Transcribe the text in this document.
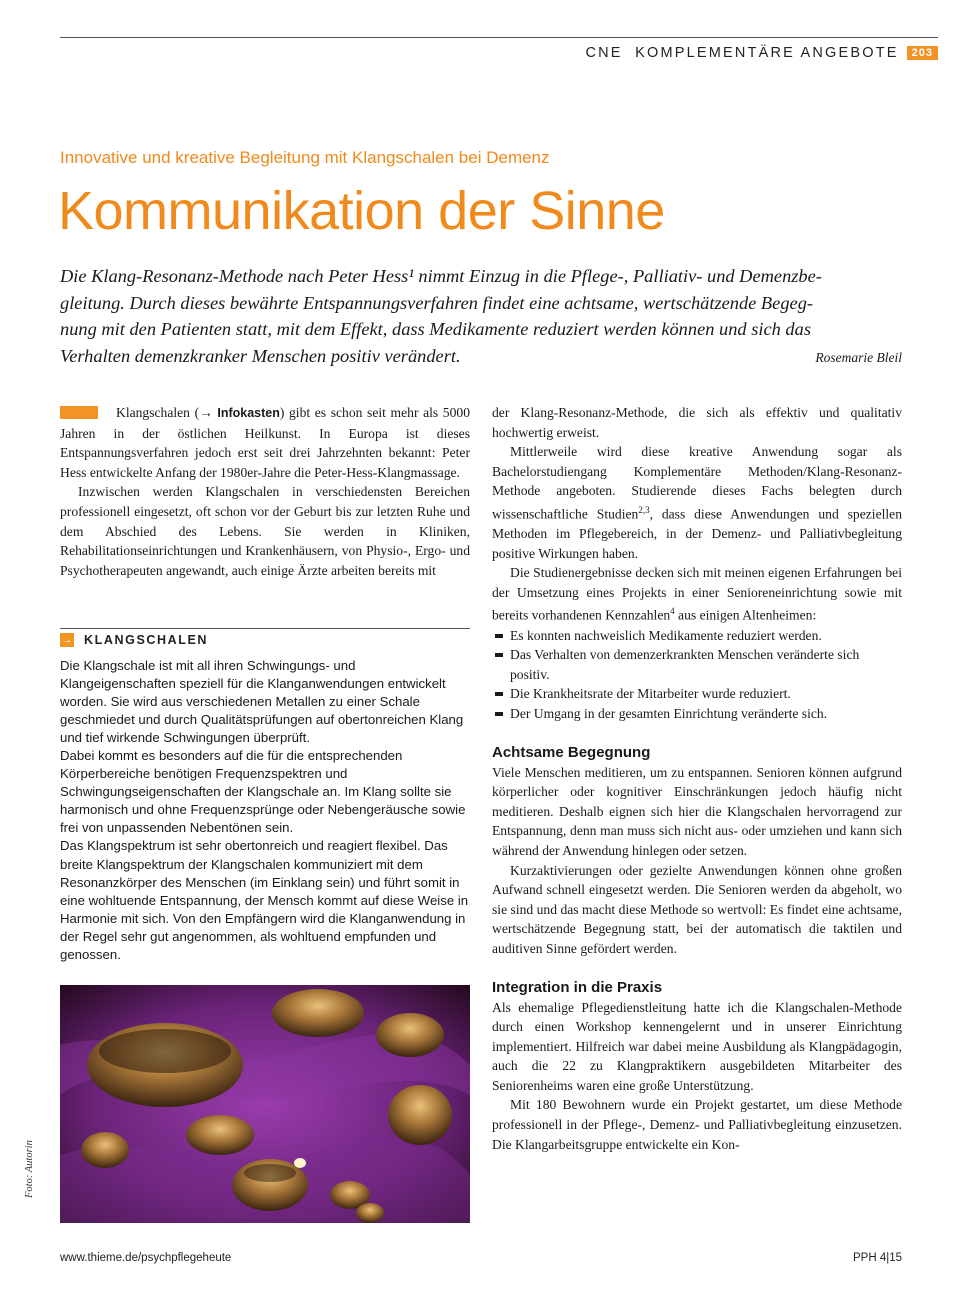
CNE  KOMPLEMENTÄRE ANGEBOTE	203
Innovative und kreative Begleitung mit Klangschalen bei Demenz
Kommunikation der Sinne
Die Klang-Resonanz-Methode nach Peter Hess¹ nimmt Einzug in die Pflege-, Palliativ- und Demenzbe-
gleitung. Durch dieses bewährte Entspannungsverfahren findet eine achtsame, wertschätzende Begeg-
nung mit den Patienten statt, mit dem Effekt, dass Medikamente reduziert werden können und sich das
Verhalten demenzkranker Menschen positiv verändert.	Rosemarie Bleil

Klangschalen (→ Infokasten) gibt es schon seit mehr als 5000 Jahren in der östlichen Heilkunst. In Europa ist dieses Entspannungsverfahren jedoch erst seit drei Jahrzehnten bekannt: Peter Hess entwickelte Anfang der 1980er-Jahre die Peter-Hess-Klangmassage.

Inzwischen werden Klangschalen in verschiedensten Bereichen professionell eingesetzt, oft schon vor der Geburt bis zur letzten Ruhe und dem Abschied des Lebens. Sie werden in Kliniken, Rehabilitationseinrichtungen und Krankenhäusern, von Physio-, Ergo- und Psychotherapeuten angewandt, auch einige Ärzte arbeiten bereits mit

→ KLANGSCHALEN

Die Klangschale ist mit all ihren Schwingungs- und Klangeigenschaften speziell für die Klanganwendungen entwickelt worden. Sie wird aus verschiedenen Metallen zu einer Schale geschmiedet und durch Qualitätsprüfungen auf obertonreichen Klang und tief wirkende Schwingungen überprüft.

Dabei kommt es besonders auf die für die entsprechenden Körperbereiche benötigen Frequenzspektren und Schwingungseigenschaften der Klangschale an. Im Klang sollte sie harmonisch und ohne Frequenzsprünge oder Nebengeräusche sowie frei von unpassenden Nebentönen sein.

Das Klangspektrum ist sehr obertonreich und reagiert flexibel. Das breite Klangspektrum der Klangschalen kommuniziert mit dem Resonanzkörper des Menschen (im Einklang sein) und führt somit in eine wohltuende Entspannung, der Mensch kommt auf diese Weise in Harmonie mit sich. Von den Empfängern wird die Klanganwendung in der Regel sehr gut angenommen, als wohltuend empfunden und genossen.

Foto: Autorin

der Klang-Resonanz-Methode, die sich als effektiv und qualitativ hochwertig erweist.

Mittlerweile wird diese kreative Anwendung sogar als Bachelorstudiengang Komplementäre Methoden/Klang-Resonanz-Methode angeboten. Studierende dieses Fachs belegten durch wissenschaftliche Studien$^{2,3}$, dass diese Anwendungen und speziellen Methoden im Pflegebereich, in der Demenz- und Palliativbegleitung positive Wirkungen haben.

Die Studienergebnisse decken sich mit meinen eigenen Erfahrungen bei der Umsetzung eines Projekts in einer Senioreneinrichtung sowie mit bereits vorhandenen Kennzahlen$^4$ aus einigen Altenheimen:

Es konnten nachweislich Medikamente reduziert werden.
Das Verhalten von demenzerkrankten Menschen veränderte sich positiv.
Die Krankheitsrate der Mitarbeiter wurde reduziert.
Der Umgang in der gesamten Einrichtung veränderte sich.

Achtsame Begegnung

Viele Menschen meditieren, um zu entspannen. Senioren können aufgrund körperlicher oder kognitiver Einschränkungen jedoch häufig nicht meditieren. Deshalb eignen sich hier die Klangschalen hervorragend zur Entspannung, denn man muss sich nicht aus- oder umziehen und kann sich während der Anwendung hinlegen oder setzen.

Kurzaktivierungen oder gezielte Anwendungen können ohne großen Aufwand schnell eingesetzt werden. Die Senioren werden da abgeholt, wo sie sind und das macht diese Methode so wertvoll: Es findet eine achtsame, wertschätzende Begegnung statt, bei der automatisch die taktilen und auditiven Sinne gefördert werden.

Integration in die Praxis

Als ehemalige Pflegedienstleitung hatte ich die Klangschalen-Methode durch einen Workshop kennengelernt und in unserer Einrichtung implementiert. Hilfreich war dabei meine Ausbildung als Klangpädagogin, auch die 22 zu Klangpraktikern ausgebildeten Mitarbeiter des Seniorenheims waren eine große Unterstützung.

Mit 180 Bewohnern wurde ein Projekt gestartet, um diese Methode professionell in der Pflege-, Demenz- und Palliativbegleitung einzusetzen. Die Klangarbeitsgruppe entwickelte ein Kon-

www.thieme.de/psychpflegeheute	PPH 4|15
